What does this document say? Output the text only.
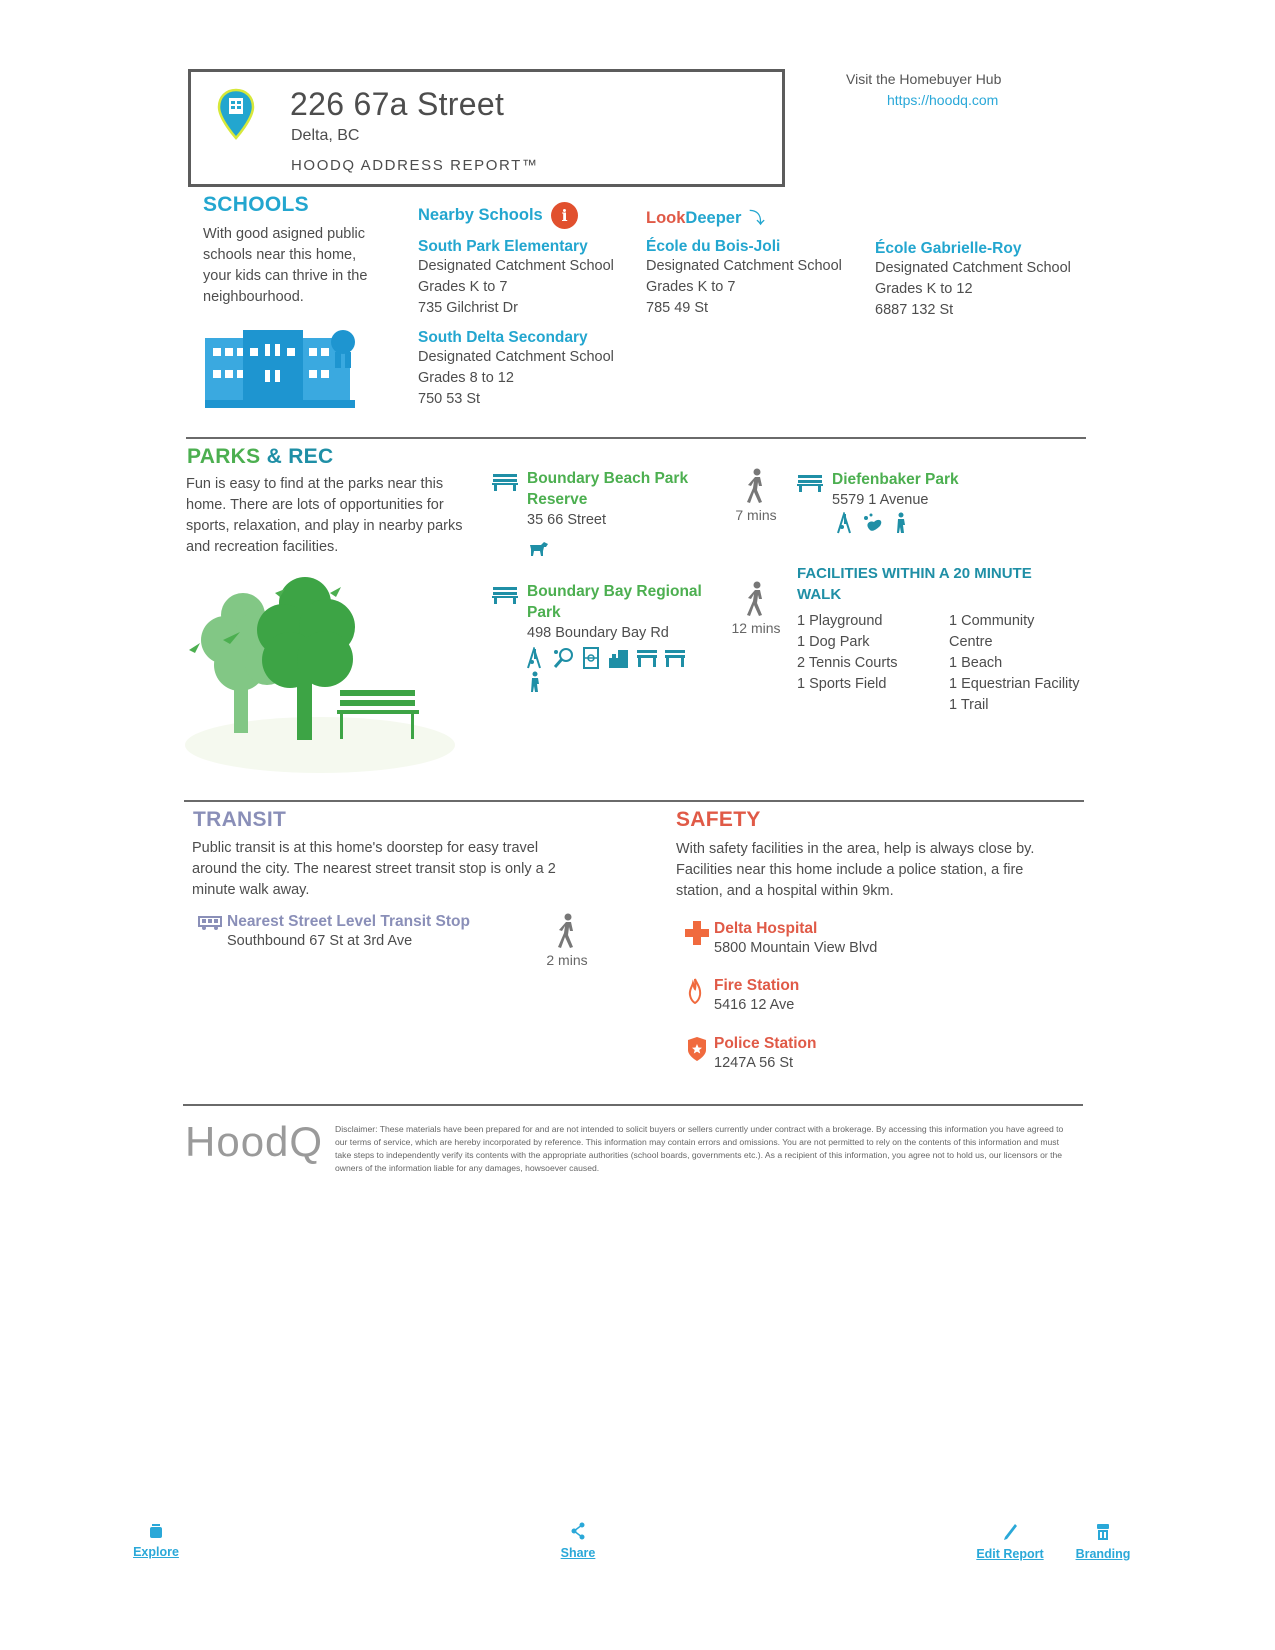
226 67a Street
Delta, BC
HOODQ ADDRESS REPORT™
Visit the Homebuyer Hub
https://hoodq.com
SCHOOLS
With good asigned public schools near this home, your kids can thrive in the neighbourhood.
Nearby Schools	i	LookDeeper ⤵
South Park Elementary
Designated Catchment School
Grades K to 7
735 Gilchrist Dr
South Delta Secondary
Designated Catchment School
Grades 8 to 12
750 53 St
École du Bois-Joli
Designated Catchment School
Grades K to 7
785 49 St
École Gabrielle-Roy
Designated Catchment School
Grades K to 12
6887 132 St
PARKS & REC
Fun is easy to find at the parks near this home. There are lots of opportunities for sports, relaxation, and play in nearby parks and recreation facilities.
Boundary Beach Park
Reserve
35 66 Street	7 mins
Boundary Bay Regional
Park
498 Boundary Bay Rd	12 mins
Diefenbaker Park
5579 1 Avenue
FACILITIES WITHIN A 20 MINUTE WALK
1 Playground
1 Dog Park
2 Tennis Courts
1 Sports Field
1 Community
Centre
1 Beach
1 Equestrian Facility
1 Trail
TRANSIT
Public transit is at this home's doorstep for easy travel around the city. The nearest street transit stop is only a 2 minute walk away.
Nearest Street Level Transit Stop
Southbound 67 St at 3rd Ave
2 mins
SAFETY
With safety facilities in the area, help is always close by. Facilities near this home include a police station, a fire station, and a hospital within 9km.
Delta Hospital
5800 Mountain View Blvd
Fire Station
5416 12 Ave
Police Station
1247A 56 St
HoodQ Disclaimer: These materials have been prepared for and are not intended to solicit buyers or sellers currently under contract with a brokerage. By accessing this information you have agreed to our terms of service, which are hereby incorporated by reference. This information may contain errors and omissions. You are not permitted to rely on the contents of this information and must take steps to independently verify its contents with the appropriate authorities (school boards, governments etc.). As a recipient of this information, you agree not to hold us, our licensors or the owners of the information liable for any damages, howsoever caused.
Explore	Share	Edit Report	Branding
